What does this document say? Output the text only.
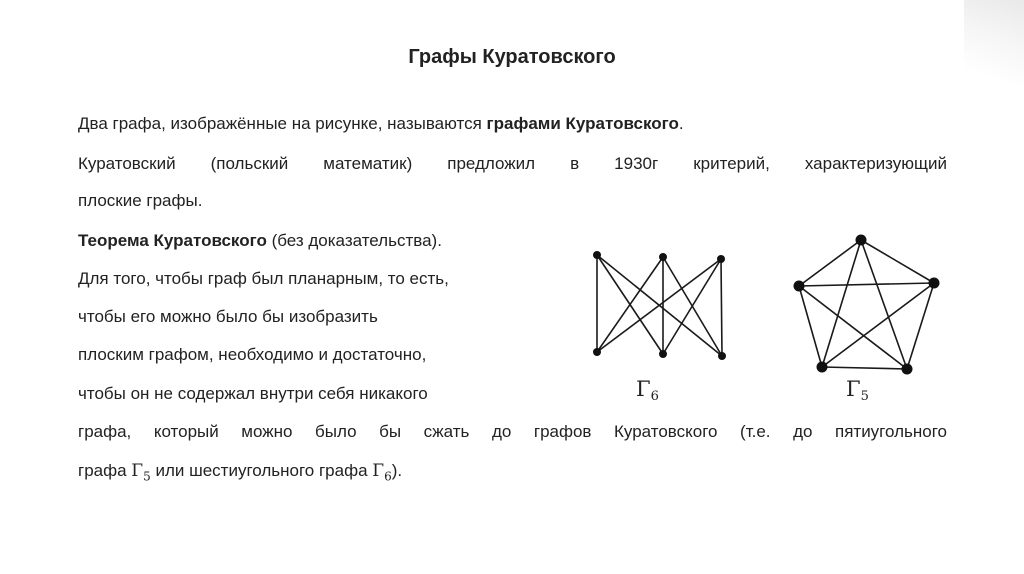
Графы Куратовского
Два графа, изображённые на рисунке, называются графами Куратовского.
Куратовский (польский математик) предложил в 1930г критерий, характеризующий
плоские графы.
Теорема Куратовского (без доказательства).
Для того, чтобы граф был планарным, то есть,
чтобы его можно было бы изобразить
плоским графом, необходимо и достаточно,
чтобы он не содержал внутри себя никакого
графа, который можно было бы сжать до графов Куратовского (т.е. до пятиугольного
графа $\Gamma_5$ или шестиугольного графа $\Gamma_6$).
Γ6	Γ5
